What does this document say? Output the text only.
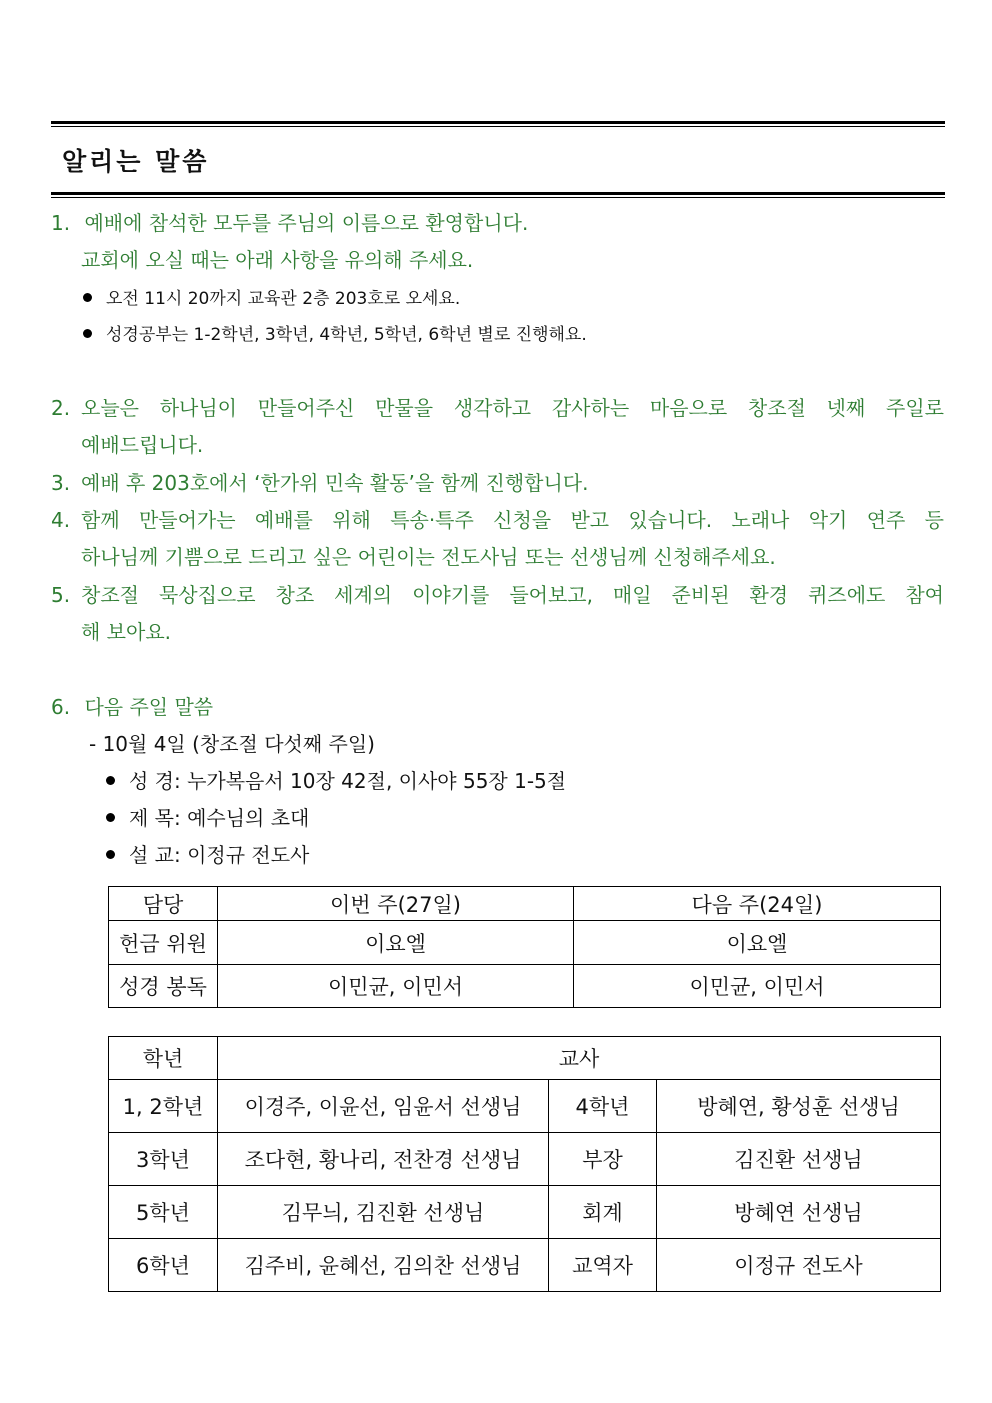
알리는 말씀
1. 예배에 참석한 모두를 주님의 이름으로 환영합니다.
교회에 오실 때는 아래 사항을 유의해 주세요.
오전 11시 20까지 교육관 2층 203호로 오세요.
성경공부는 1-2학년, 3학년, 4학년, 5학년, 6학년 별로 진행해요.
2. 오늘은 하나님이 만들어주신 만물을 생각하고 감사하는 마음으로 창조절 넷째 주일로
예배드립니다.
3. 예배 후 203호에서 ‘한가위 민속 활동’을 함께 진행합니다.
4. 함께 만들어가는 예배를 위해 특송·특주 신청을 받고 있습니다. 노래나 악기 연주 등
하나님께 기쁨으로 드리고 싶은 어린이는 전도사님 또는 선생님께 신청해주세요.
5. 창조절 묵상집으로 창조 세계의 이야기를 들어보고, 매일 준비된 환경 퀴즈에도 참여
해 보아요.
6. 다음 주일 말씀
- 10월 4일 (창조절 다섯째 주일)
성 경: 누가복음서 10장 42절, 이사야 55장 1-5절
제 목: 예수님의 초대
설 교: 이정규 전도사
담당	이번 주(27일)	다음 주(24일)
헌금 위원	이요엘	이요엘
성경 봉독	이민균, 이민서	이민균, 이민서
학년	교사		
1, 2학년	이경주, 이윤선, 임윤서 선생님	4학년	방혜연, 황성훈 선생님
3학년	조다현, 황나리, 전찬경 선생님	부장	김진환 선생님
5학년	김무늬, 김진환 선생님	회계	방혜연 선생님
6학년	김주비, 윤혜선, 김의찬 선생님	교역자	이정규 전도사
